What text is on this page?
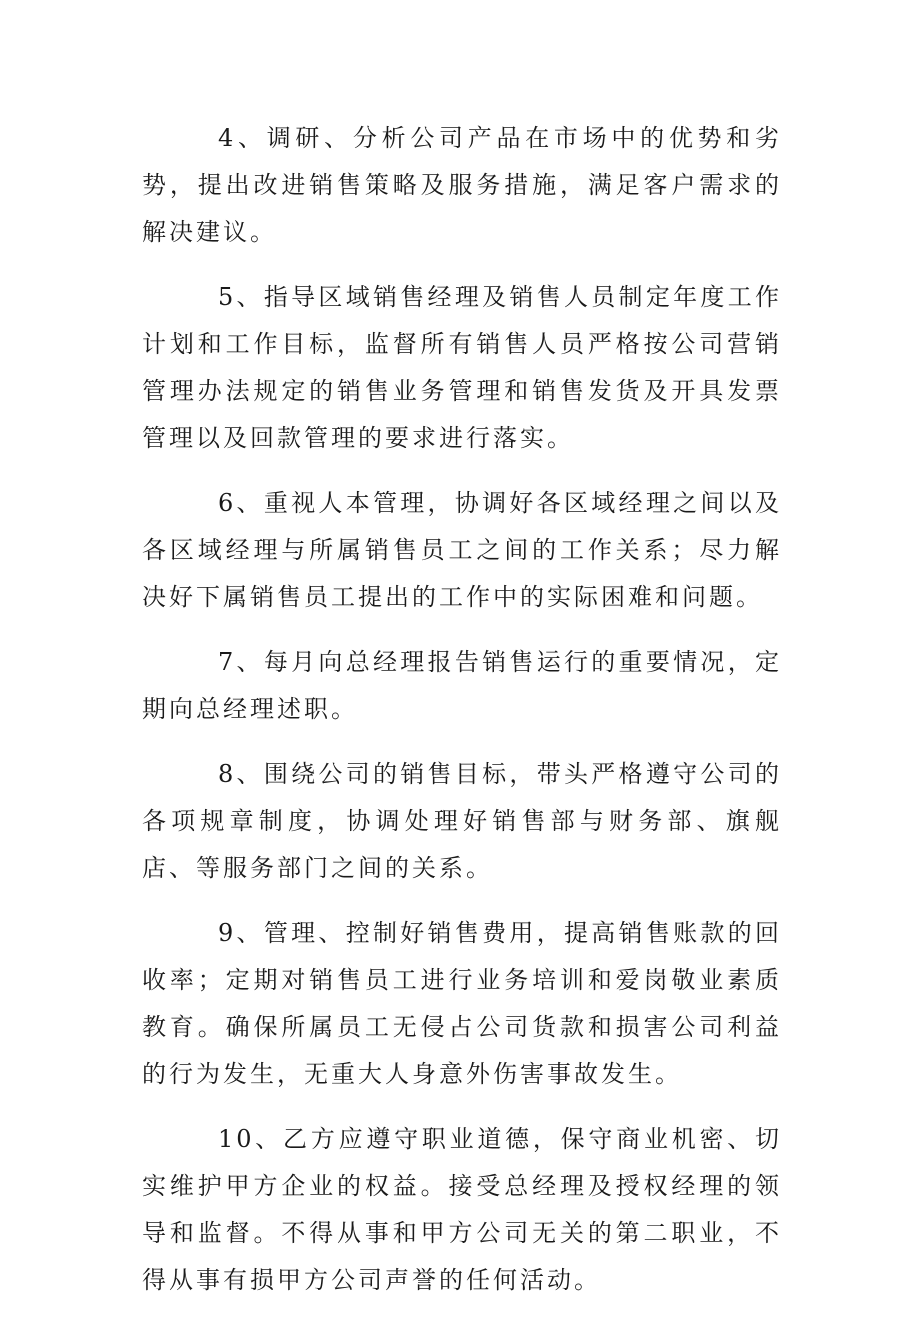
4、调研、分析公司产品在市场中的优势和劣势，提出改进销售策略及服务措施，满足客户需求的解决建议。

5、指导区域销售经理及销售人员制定年度工作计划和工作目标，监督所有销售人员严格按公司营销管理办法规定的销售业务管理和销售发货及开具发票管理以及回款管理的要求进行落实。

6、重视人本管理，协调好各区域经理之间以及各区域经理与所属销售员工之间的工作关系；尽力解决好下属销售员工提出的工作中的实际困难和问题。

7、每月向总经理报告销售运行的重要情况，定期向总经理述职。

8、围绕公司的销售目标，带头严格遵守公司的各项规章制度，协调处理好销售部与财务部、旗舰店、等服务部门之间的关系。

9、管理、控制好销售费用，提高销售账款的回收率；定期对销售员工进行业务培训和爱岗敬业素质教育。确保所属员工无侵占公司货款和损害公司利益的行为发生，无重大人身意外伤害事故发生。

10、乙方应遵守职业道德，保守商业机密、切实维护甲方企业的权益。接受总经理及授权经理的领导和监督。不得从事和甲方公司无关的第二职业，不得从事有损甲方公司声誉的任何活动。
